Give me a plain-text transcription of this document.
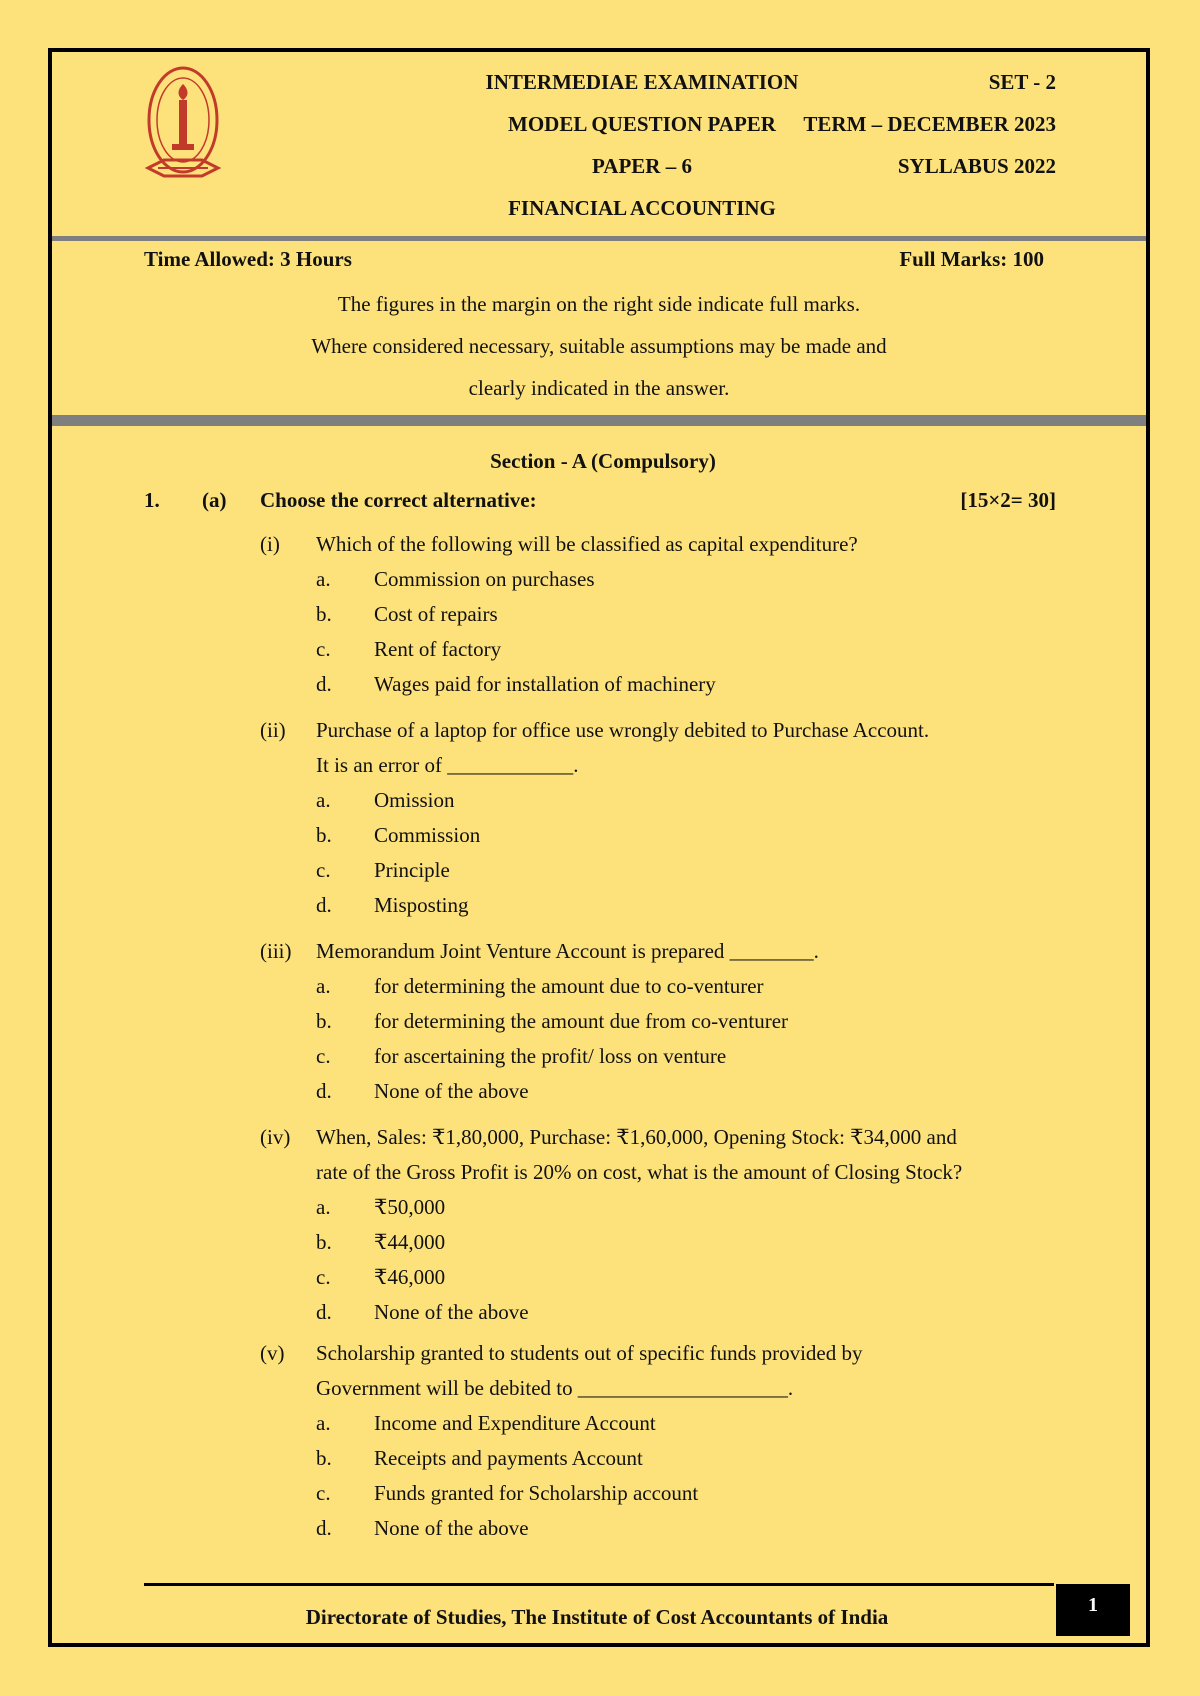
INTERMEDIAE EXAMINATION	SET - 2
MODEL QUESTION PAPER	TERM – DECEMBER 2023
PAPER – 6	SYLLABUS 2022
FINANCIAL ACCOUNTING
Time Allowed: 3 Hours	Full Marks: 100
The figures in the margin on the right side indicate full marks.
Where considered necessary, suitable assumptions may be made and
clearly indicated in the answer.
Section - A (Compulsory)
1. (a) Choose the correct alternative:	[15×2= 30]
(i) Which of the following will be classified as capital expenditure?
a. Commission on purchases
b. Cost of repairs
c. Rent of factory
d. Wages paid for installation of machinery
(ii) Purchase of a laptop for office use wrongly debited to Purchase Account.
It is an error of ____________.
a. Omission
b. Commission
c. Principle
d. Misposting
(iii) Memorandum Joint Venture Account is prepared ________.
a. for determining the amount due to co-venturer
b. for determining the amount due from co-venturer
c. for ascertaining the profit/ loss on venture
d. None of the above
(iv) When, Sales: ₹1,80,000, Purchase: ₹1,60,000, Opening Stock: ₹34,000 and
rate of the Gross Profit is 20% on cost, what is the amount of Closing Stock?
a. ₹50,000
b. ₹44,000
c. ₹46,000
d. None of the above
(v) Scholarship granted to students out of specific funds provided by
Government will be debited to ____________________.
a. Income and Expenditure Account
b. Receipts and payments Account
c. Funds granted for Scholarship account
d. None of the above
Directorate of Studies, The Institute of Cost Accountants of India	1
